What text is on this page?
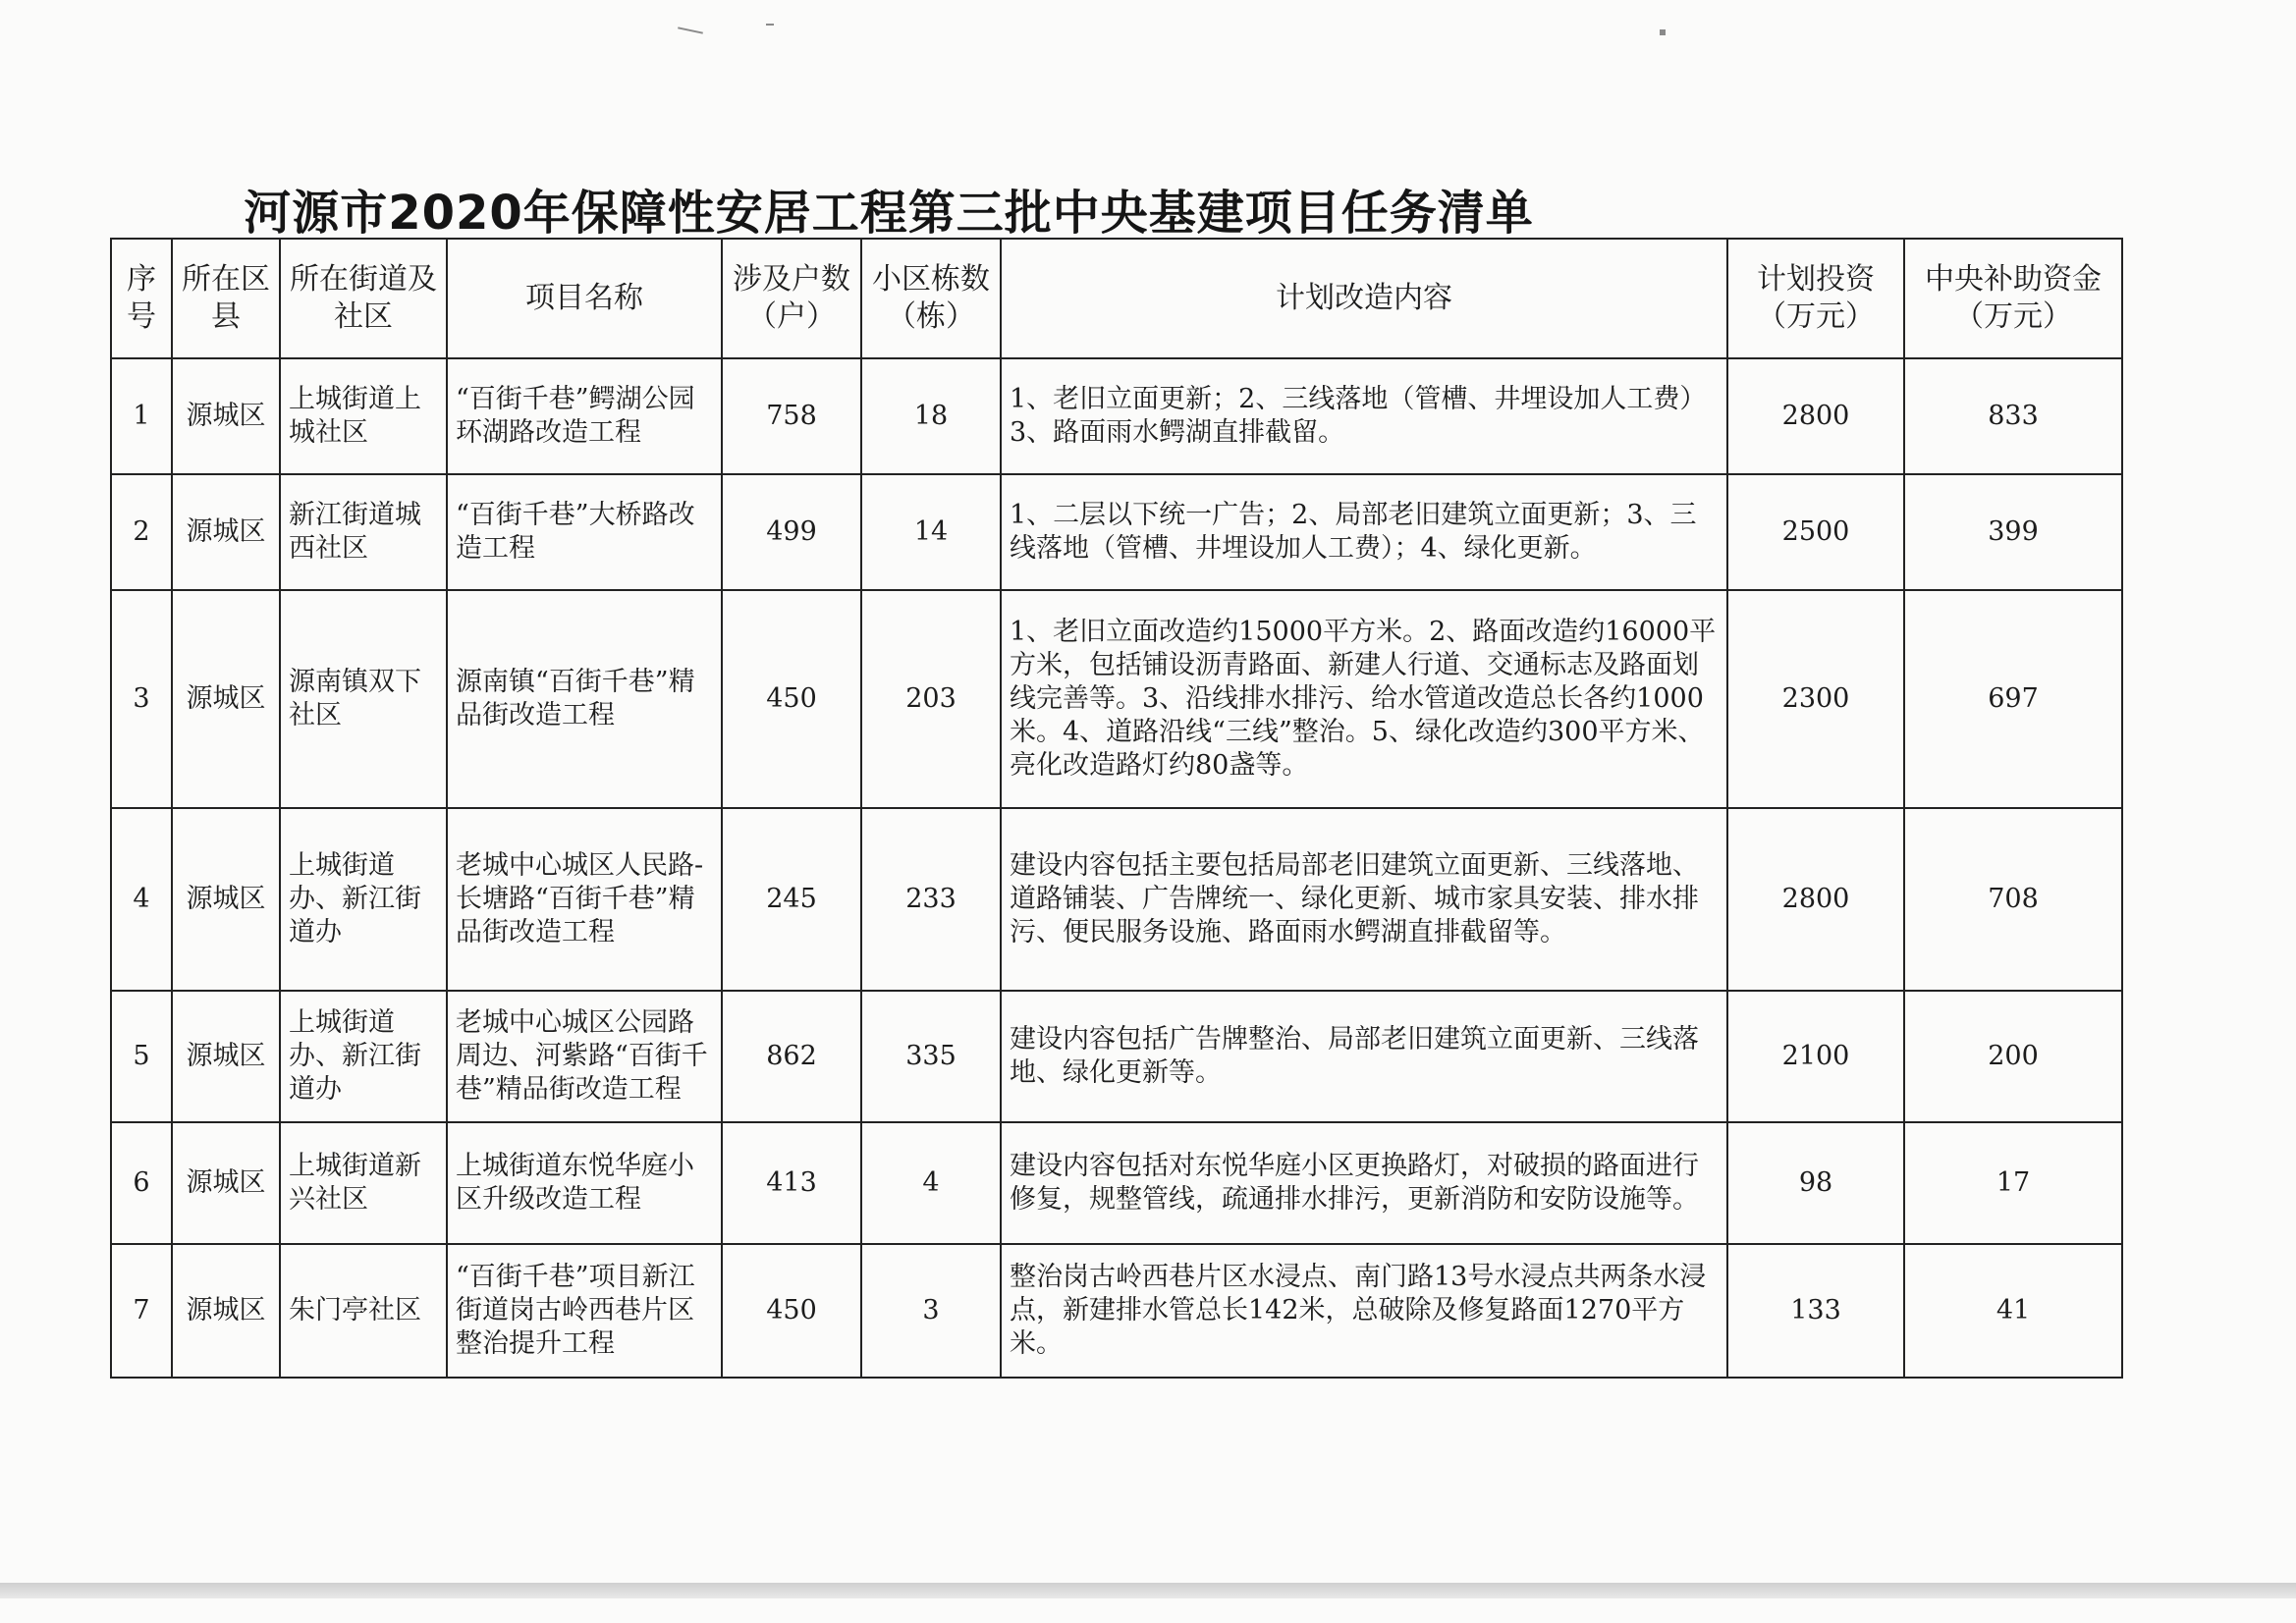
河源市2020年保障性安居工程第三批中央基建项目任务清单
序号	所在区县	所在街道及社区	项目名称	涉及户数（户）	小区栋数（栋）	计划改造内容	计划投资（万元）	中央补助资金（万元）
1	源城区	上城街道上城社区	“百街千巷”鳄湖公园环湖路改造工程	758	18	1、老旧立面更新；2、三线落地（管槽、井埋设加人工费）3、路面雨水鳄湖直排截留。	2800	833
2	源城区	新江街道城西社区	“百街千巷”大桥路改造工程	499	14	1、二层以下统一广告；2、局部老旧建筑立面更新；3、三线落地（管槽、井埋设加人工费）；4、绿化更新。	2500	399
3	源城区	源南镇双下社区	源南镇“百街千巷”精品街改造工程	450	203	1、老旧立面改造约15000平方米。2、路面改造约16000平方米，包括铺设沥青路面、新建人行道、交通标志及路面划线完善等。3、沿线排水排污、给水管道改造总长各约1000米。4、道路沿线“三线”整治。5、绿化改造约300平方米、亮化改造路灯约80盏等。	2300	697
4	源城区	上城街道办、新江街道办	老城中心城区人民路-长塘路“百街千巷”精品街改造工程	245	233	建设内容包括主要包括局部老旧建筑立面更新、三线落地、道路铺装、广告牌统一、绿化更新、城市家具安装、排水排污、便民服务设施、路面雨水鳄湖直排截留等。	2800	708
5	源城区	上城街道办、新江街道办	老城中心城区公园路周边、河紫路“百街千巷”精品街改造工程	862	335	建设内容包括广告牌整治、局部老旧建筑立面更新、三线落地、绿化更新等。	2100	200
6	源城区	上城街道新兴社区	上城街道东悦华庭小区升级改造工程	413	4	建设内容包括对东悦华庭小区更换路灯，对破损的路面进行修复，规整管线，疏通排水排污，更新消防和安防设施等。	98	17
7	源城区	朱门亭社区	“百街千巷”项目新江街道岗古岭西巷片区整治提升工程	450	3	整治岗古岭西巷片区水浸点、南门路13号水浸点共两条水浸点，新建排水管总长142米，总破除及修复路面1270平方米。	133	41
